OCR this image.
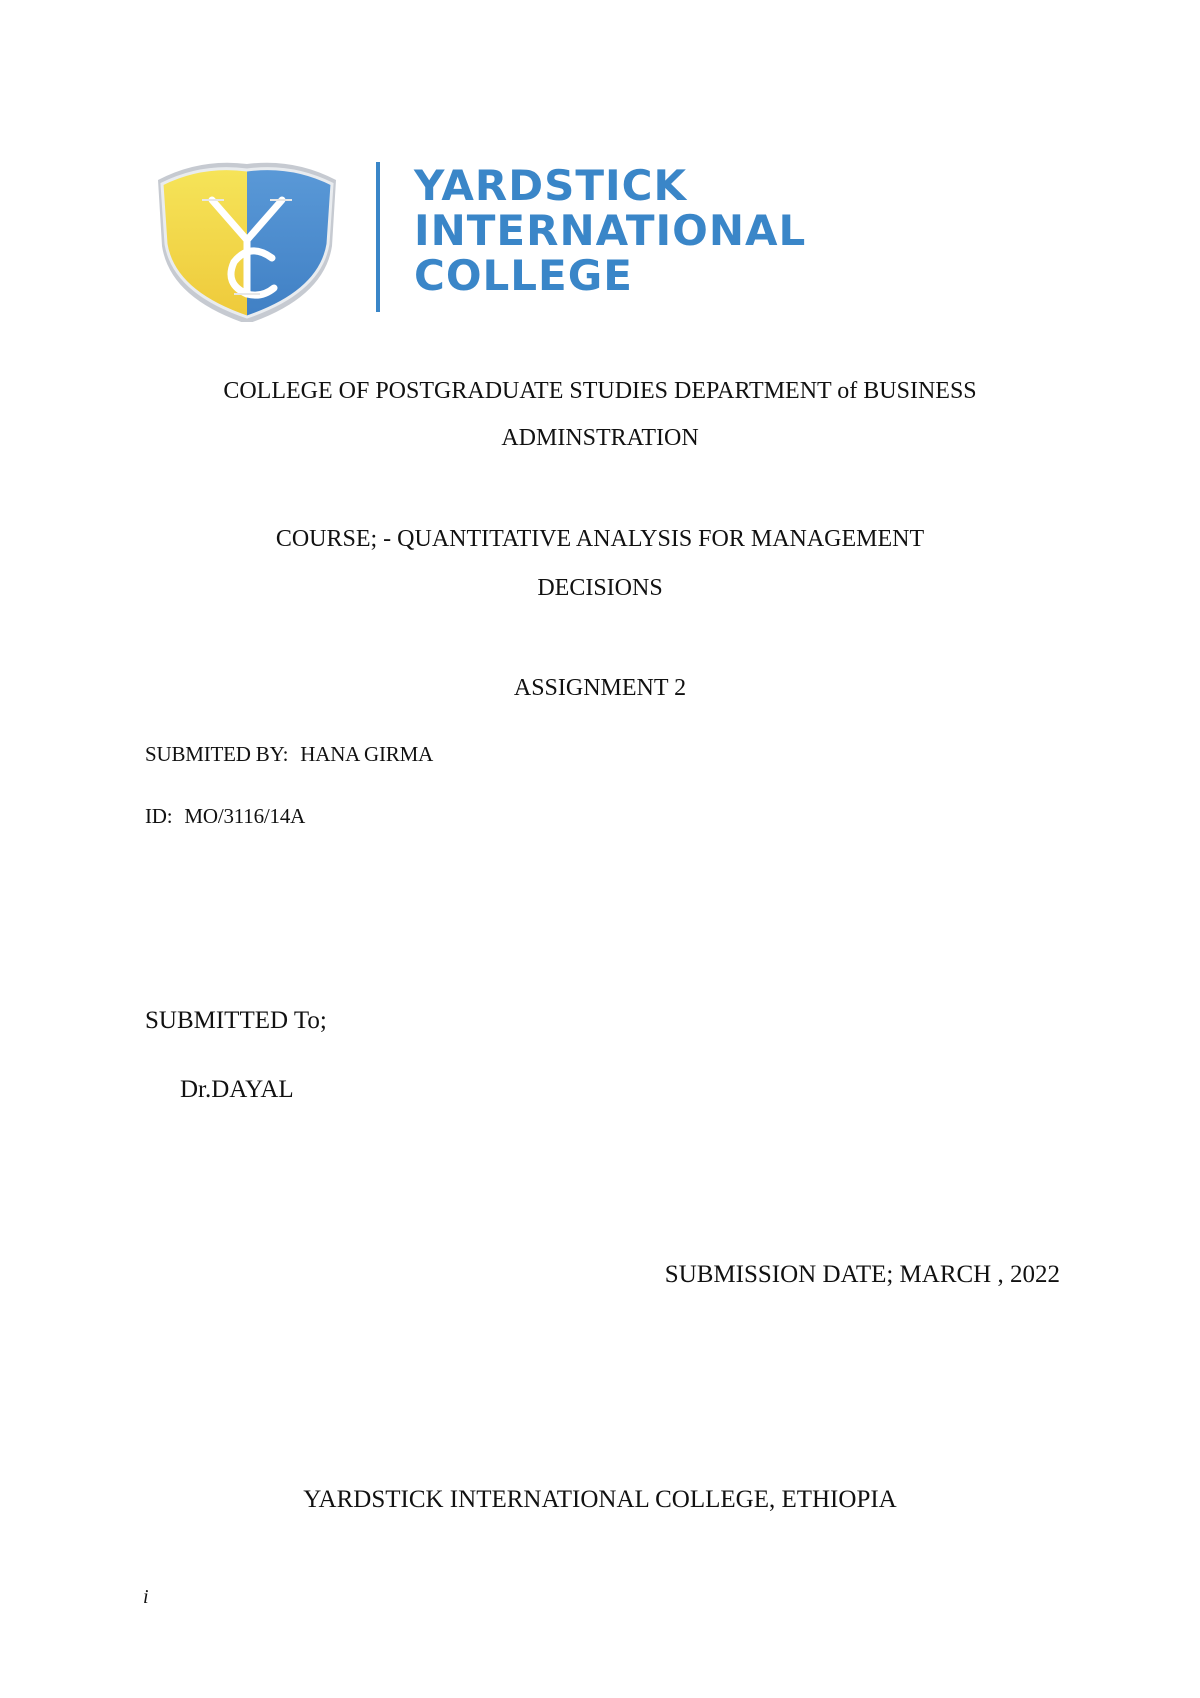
YARDSTICK
INTERNATIONAL
COLLEGE
COLLEGE OF POSTGRADUATE STUDIES DEPARTMENT of BUSINESS
ADMINSTRATION
COURSE; - QUANTITATIVE ANALYSIS FOR MANAGEMENT
DECISIONS
ASSIGNMENT 2
SUBMITED BY: HANA GIRMA
ID: MO/3116/14A
SUBMITTED To;
Dr.DAYAL
SUBMISSION DATE; MARCH , 2022
YARDSTICK INTERNATIONAL COLLEGE, ETHIOPIA
i
